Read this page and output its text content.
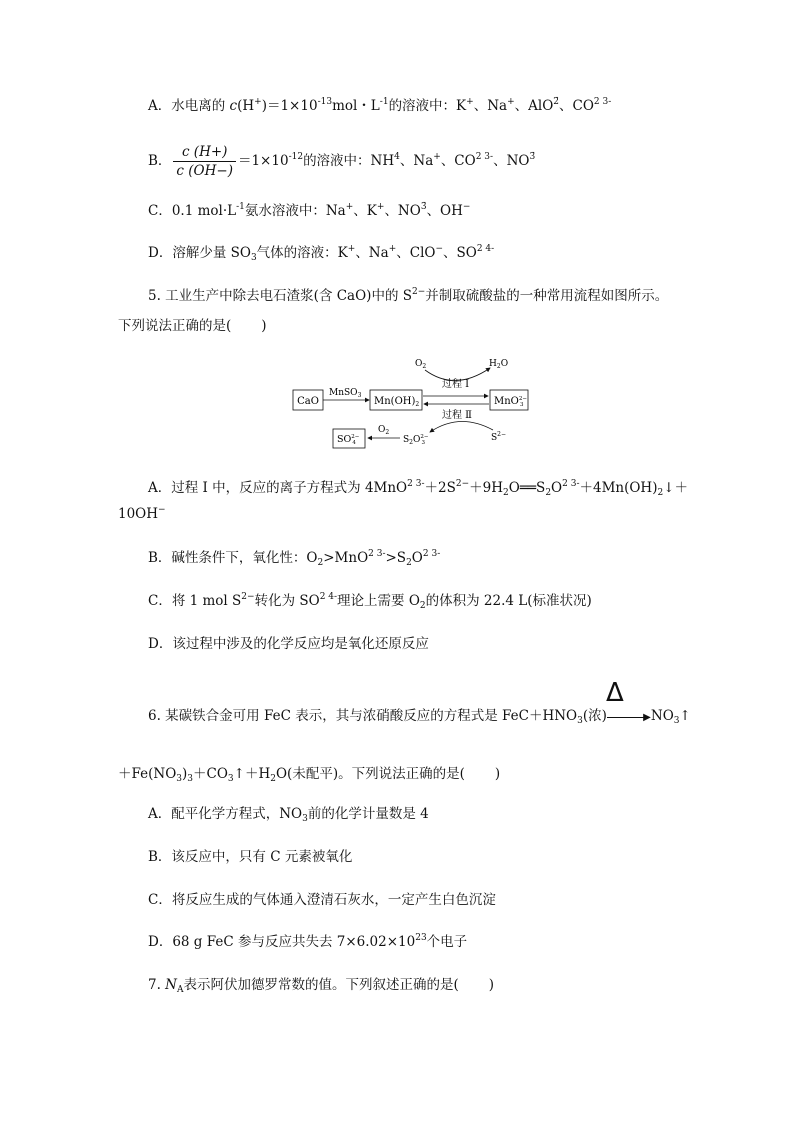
A．水电离的 $c(H^+)=1\times 10^{-13}mol$・$L^{-1}$的溶液中：K+、Na+、AlO$^{2̄}$、$CO^{2 3-}$
B． $\frac{c (H+)}{c (OH-)} =1\times 10^{-12}$的溶液中：$NH^4$、Na+、$CO^{2 3-}$、$NO^{3̄}$
C．0.1 $mol\cdot L^{-1}$氨水溶液中：Na+、K+、$NO^{3̄}$、OH−
D．溶解少量 $SO_3$气体的溶液：K+、Na+、ClO−、$SO^{2 4-}$
5. 工业生产中除去电石渣浆(含 CaO)中的 $S^{2-}$并制取硫酸盐的一种常用流程如图所示。
下列说法正确的是( )
CaO
MnSO$_3$
$Mn(OH)_2$	MnO$^{2-}$ 3
$O_2$	$H_2O$
过程 Ⅰ
过程 Ⅱ
$S^{2-}$
$S_2O^{2-}$ 3
$O_2$
$SO^{2-}$ 4
A．过程 Ⅰ 中，反应的离子方程式为 $4MnO^{2 3-}+2S^{2-}+9H_2O══S_2O^{2 3-}+4Mn(OH)_2↓+$
10OH−
B．碱性条件下，氧化性：$O_2>MnO^{2 3-}>S_2O^{2 3-}$
C．将 1 mol $S^{2-}$转化为 $SO^{2 4-}$理论上需要 $O_2$的体积为 22.4 L(标准状况)
D．该过程中涉及的化学反应均是氧化还原反应
Δ
6. 某碳铁合金可用 FeC 表示，其与浓硝酸反应的方程式是 $FeC+HNO_3$(浓)	▶ $NO_3↑$
$+Fe(NO_3)_3+CO_3↑+H_2O$(未配平)。下列说法正确的是( )
A．配平化学方程式，$NO_3$前的化学计量数是 4
B．该反应中，只有 C 元素被氧化
C．将反应生成的气体通入澄清石灰水，一定产生白色沉淀
D．68 g FeC 参与反应共失去 $7\times 6.02\times 10^{23}$个电子
7. $N_A$表示阿伏加德罗常数的值。下列叙述正确的是( )
